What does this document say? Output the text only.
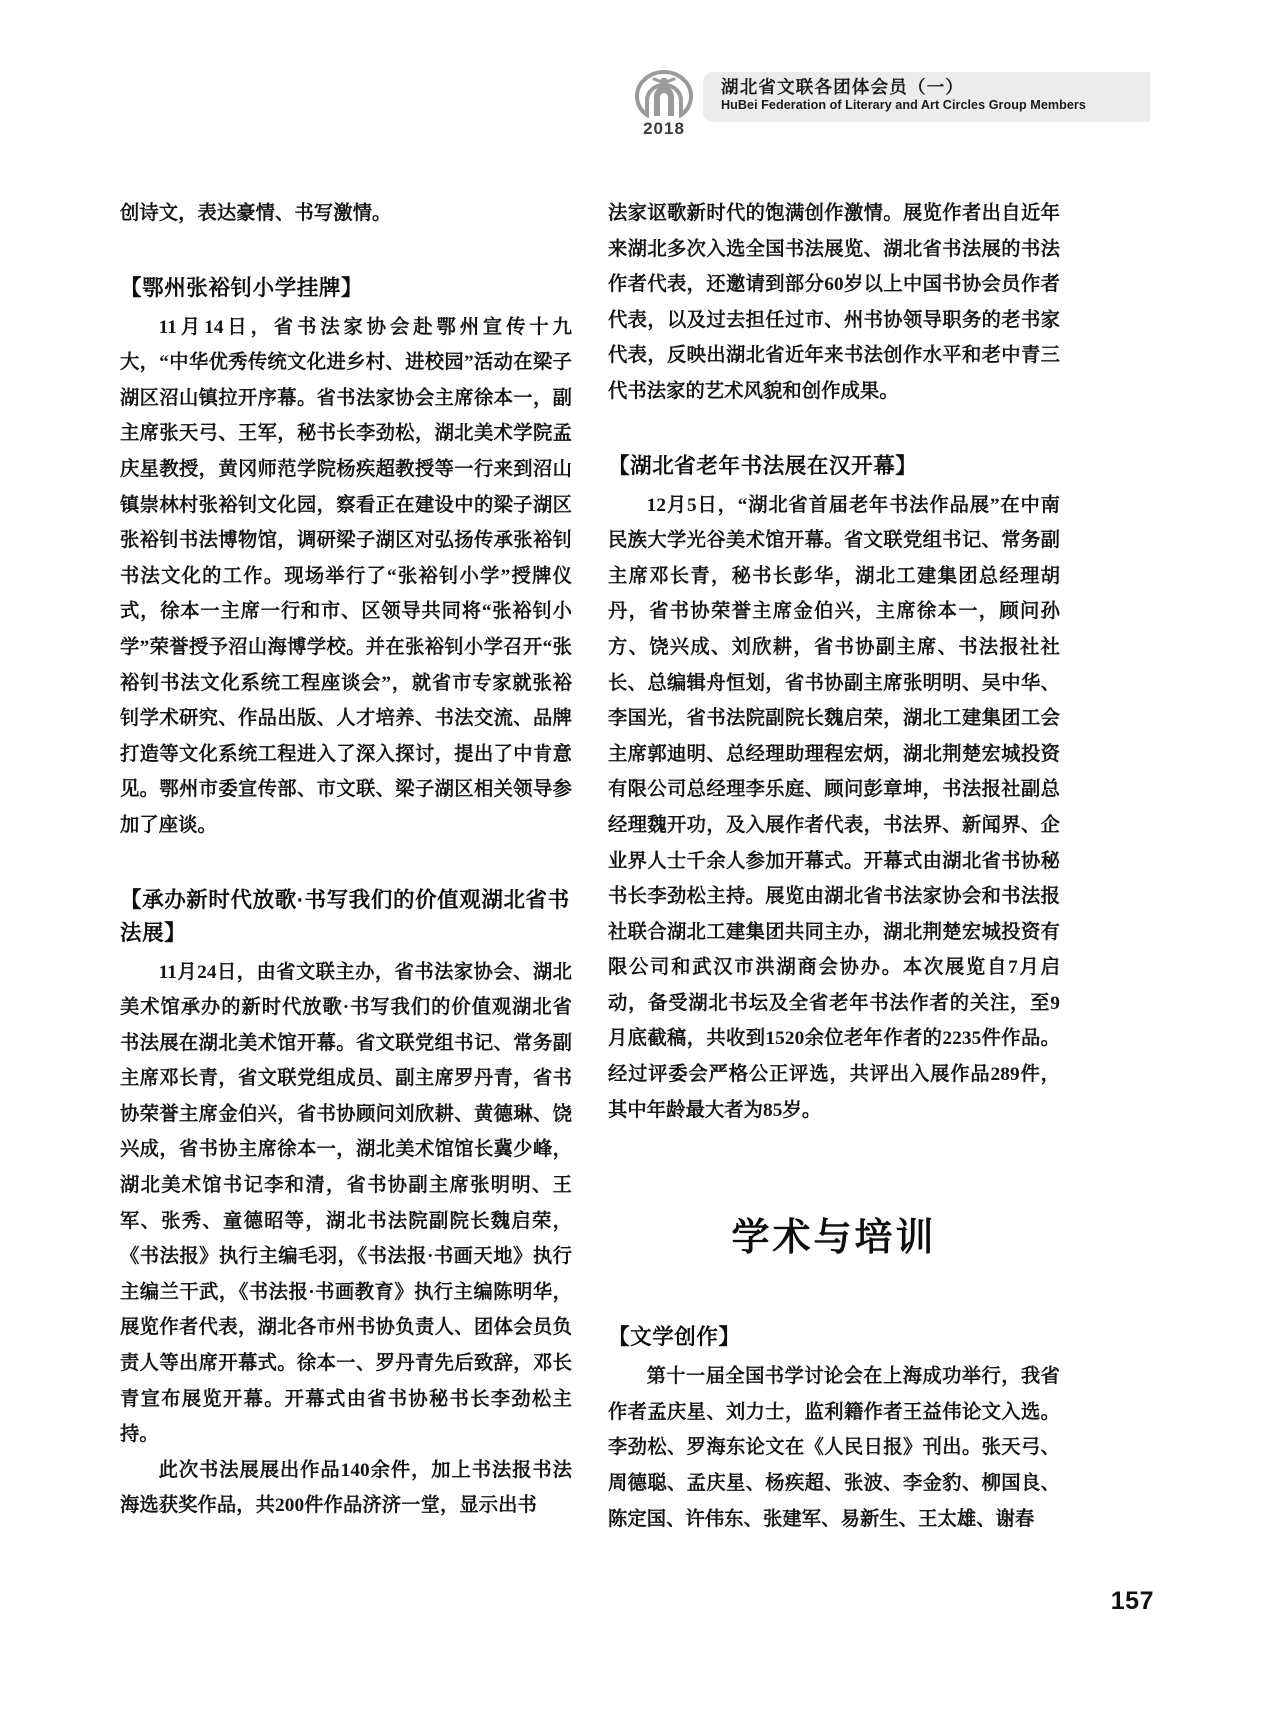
2018
湖北省文联各团体会员（一）
HuBei Federation of Literary and Art Circles Group Members

创诗文，表达豪情、书写激情。

【鄂州张裕钊小学挂牌】

11月14日，省书法家协会赴鄂州宣传十九大，“中华优秀传统文化进乡村、进校园”活动在梁子湖区沼山镇拉开序幕。省书法家协会主席徐本一，副主席张天弓、王军，秘书长李劲松，湖北美术学院孟庆星教授，黄冈师范学院杨疾超教授等一行来到沼山镇崇林村张裕钊文化园，察看正在建设中的梁子湖区张裕钊书法博物馆，调研梁子湖区对弘扬传承张裕钊书法文化的工作。现场举行了“张裕钊小学”授牌仪式，徐本一主席一行和市、区领导共同将“张裕钊小学”荣誉授予沼山海博学校。并在张裕钊小学召开“张裕钊书法文化系统工程座谈会”，就省市专家就张裕钊学术研究、作品出版、人才培养、书法交流、品牌打造等文化系统工程进入了深入探讨，提出了中肯意见。鄂州市委宣传部、市文联、梁子湖区相关领导参加了座谈。

【承办新时代放歌·书写我们的价值观湖北省书法展】

11月24日，由省文联主办，省书法家协会、湖北美术馆承办的新时代放歌·书写我们的价值观湖北省书法展在湖北美术馆开幕。省文联党组书记、常务副主席邓长青，省文联党组成员、副主席罗丹青，省书协荣誉主席金伯兴，省书协顾问刘欣耕、黄德琳、饶兴成，省书协主席徐本一，湖北美术馆馆长冀少峰，湖北美术馆书记李和清，省书协副主席张明明、王军、张秀、童德昭等，湖北书法院副院长魏启荣，《书法报》执行主编毛羽，《书法报·书画天地》执行主编兰干武，《书法报·书画教育》执行主编陈明华，展览作者代表，湖北各市州书协负责人、团体会员负责人等出席开幕式。徐本一、罗丹青先后致辞，邓长青宣布展览开幕。开幕式由省书协秘书长李劲松主持。

此次书法展展出作品140余件，加上书法报书法海选获奖作品，共200件作品济济一堂，显示出书

法家讴歌新时代的饱满创作激情。展览作者出自近年来湖北多次入选全国书法展览、湖北省书法展的书法作者代表，还邀请到部分60岁以上中国书协会员作者代表，以及过去担任过市、州书协领导职务的老书家代表，反映出湖北省近年来书法创作水平和老中青三代书法家的艺术风貌和创作成果。

【湖北省老年书法展在汉开幕】

12月5日，“湖北省首届老年书法作品展”在中南民族大学光谷美术馆开幕。省文联党组书记、常务副主席邓长青，秘书长彭华，湖北工建集团总经理胡丹，省书协荣誉主席金伯兴，主席徐本一，顾问孙方、饶兴成、刘欣耕，省书协副主席、书法报社社长、总编辑舟恒划，省书协副主席张明明、吴中华、李国光，省书法院副院长魏启荣，湖北工建集团工会主席郭迪明、总经理助理程宏炳，湖北荆楚宏城投资有限公司总经理李乐庭、顾问彭章坤，书法报社副总经理魏开功，及入展作者代表，书法界、新闻界、企业界人士千余人参加开幕式。开幕式由湖北省书协秘书长李劲松主持。展览由湖北省书法家协会和书法报社联合湖北工建集团共同主办，湖北荆楚宏城投资有限公司和武汉市洪湖商会协办。本次展览自7月启动，备受湖北书坛及全省老年书法作者的关注，至9月底截稿，共收到1520余位老年作者的2235件作品。经过评委会严格公正评选，共评出入展作品289件，其中年龄最大者为85岁。

学术与培训
【文学创作】

第十一届全国书学讨论会在上海成功举行，我省作者孟庆星、刘力士，监利籍作者王益伟论文入选。李劲松、罗海东论文在《人民日报》刊出。张天弓、周德聪、孟庆星、杨疾超、张波、李金豹、柳国良、陈定国、许伟东、张建军、易新生、王太雄、谢春

157
